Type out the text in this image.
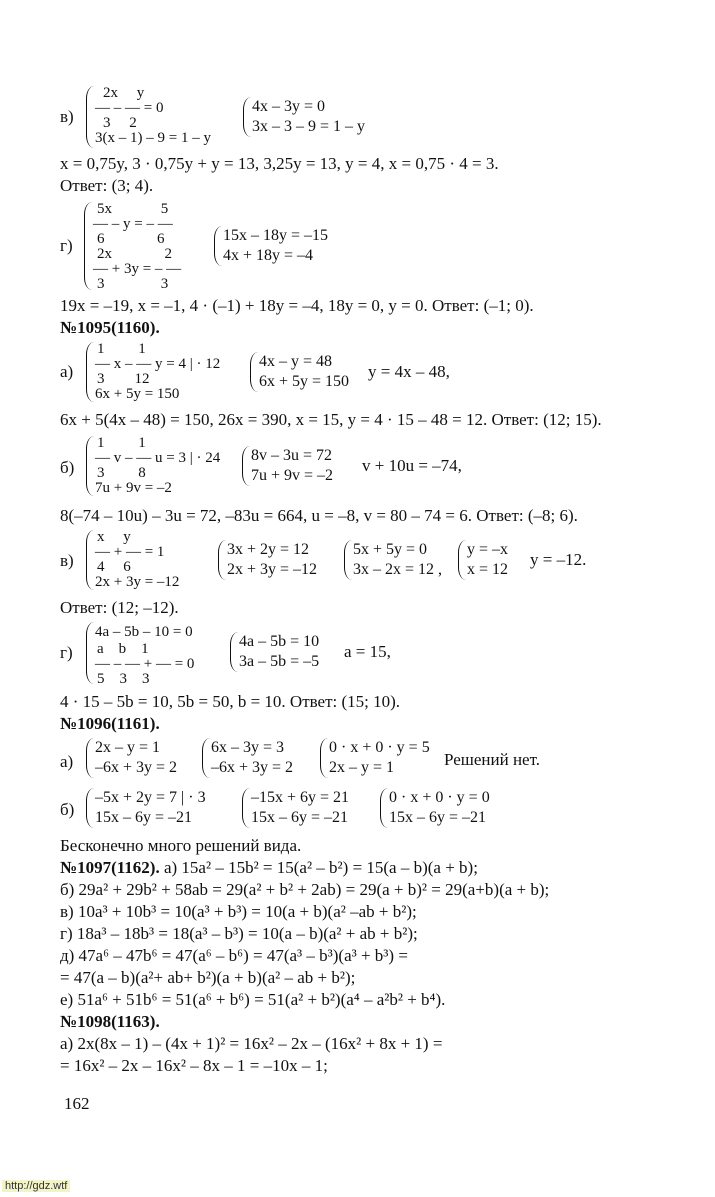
в)
2x     y
— – — = 0
3     2
3(x – 1) – 9 = 1 – y
4x – 3y = 0
3x – 3 – 9 = 1 – y
x = 0,75y, 3 · 0,75y + y = 13, 3,25y = 13, y = 4, x = 0,75 · 4 = 3.
Ответ: (3; 4).
г)
5x             5
— – y = – —
6              6
2x              2
— + 3y = – —
3               3
15x – 18y = –15
4x + 18y = –4
19x = –19, x = –1, 4 · (–1) + 18y = –4, 18y = 0, y = 0. Ответ: (–1; 0).
№1095(1160).
а)
1         1
— x – — y = 4 | · 12
3        12
6x + 5y = 150
4x – y = 48
6x + 5y = 150
y = 4x – 48,
6x + 5(4x – 48) = 150, 26x = 390, x = 15, y = 4 · 15 – 48 = 12. Ответ: (12; 15).
б)
1         1
— v – — u = 3 | · 24
3         8
7u + 9v = –2
8v – 3u = 72
7u + 9v = –2
v + 10u = –74,
8(–74 – 10u) – 3u = 72, –83u = 664, u = –8, v = 80 – 74 = 6. Ответ: (–8; 6).
в)
x     y
— + — = 1
4     6
2x + 3y = –12
3x + 2y = 12
2x + 3y = –12
5x + 5y = 0
3x – 2x = 12 ,
y = –x
x = 12
y = –12.
Ответ: (12; –12).
г)
4a – 5b – 10 = 0
a    b    1
— – — + — = 0
5    3    3
4a – 5b = 10
3a – 5b = –5
a = 15,
4 · 15 – 5b = 10, 5b = 50, b = 10. Ответ: (15; 10).
№1096(1161).
а)
2x – y = 1
–6x + 3y = 2
6x – 3y = 3
–6x + 3y = 2
0 · x + 0 · y = 5
2x – y = 1	Решений нет.
б)
–5x + 2y = 7 | · 3
15x – 6y = –21
–15x + 6y = 21
15x – 6y = –21
0 · x + 0 · y = 0
15x – 6y = –21
Бесконечно много решений вида.
№1097(1162). а) 15a² – 15b² = 15(a² – b²) = 15(a – b)(a + b);
б) 29a² + 29b² + 58ab = 29(a² + b² + 2ab) = 29(a + b)² = 29(a+b)(a + b);
в) 10a³ + 10b³ = 10(a³ + b³) = 10(a + b)(a² –ab + b²);
г) 18a³ – 18b³ = 18(a³ – b³) = 10(a – b)(a² + ab + b²);
д) 47a⁶ – 47b⁶ = 47(a⁶ – b⁶) = 47(a³ – b³)(a³ + b³) =
= 47(a – b)(a²+ ab+ b²)(a + b)(a² – ab + b²);
е) 51a⁶ + 51b⁶ = 51(a⁶ + b⁶) = 51(a² + b²)(a⁴ – a²b² + b⁴).
№1098(1163).
а) 2x(8x – 1) – (4x + 1)² = 16x² – 2x – (16x² + 8x + 1) =
= 16x² – 2x – 16x² – 8x – 1 = –10x – 1;
162
http://gdz.wtf
